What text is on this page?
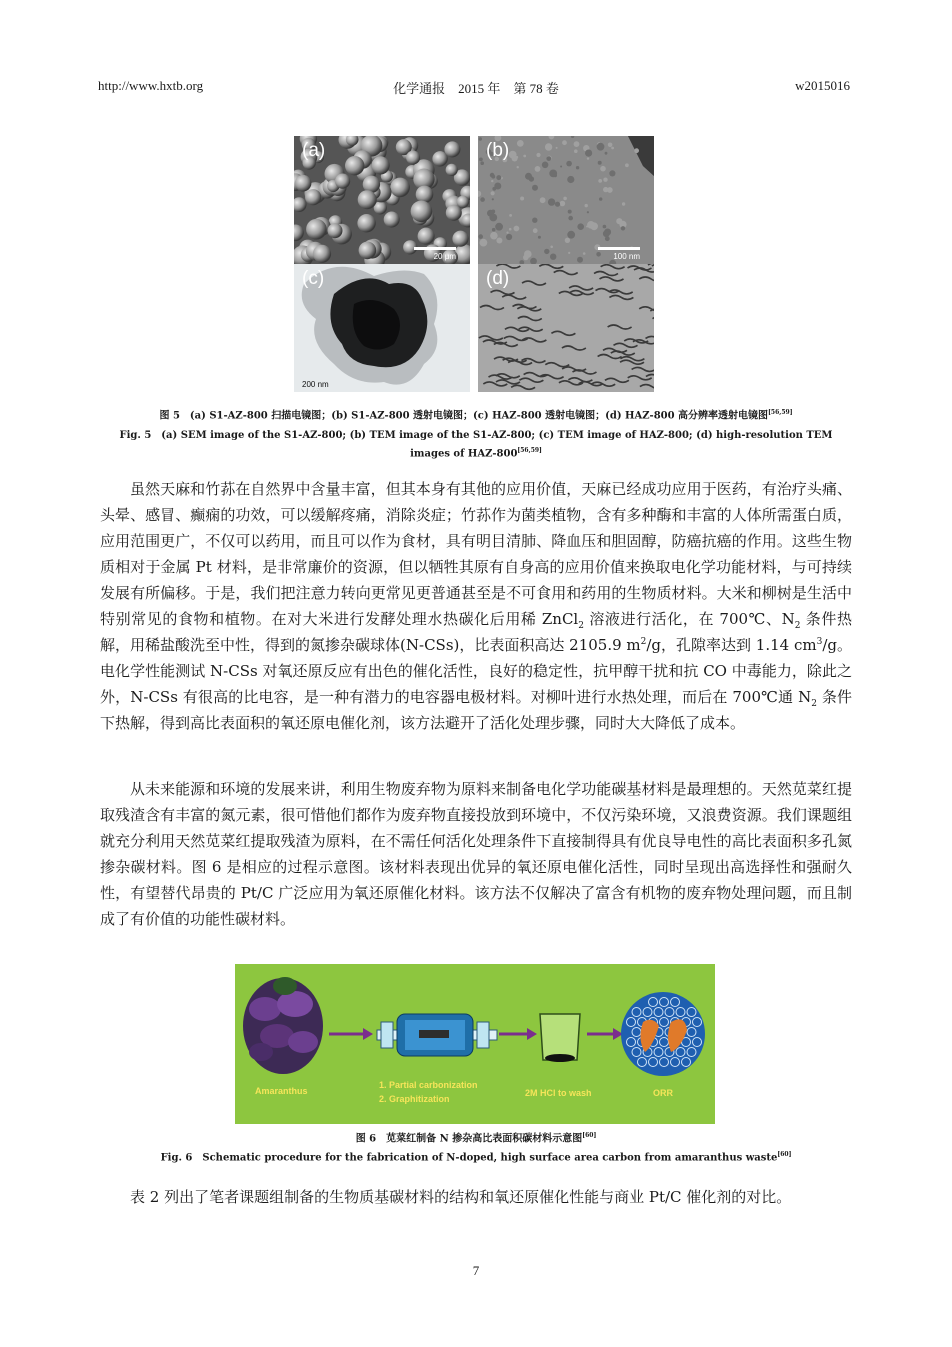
http://www.hxtb.org	化学通报　2015 年　第 78 卷	w2015016
(a)
20 μm
(b)
100 nm
(c)
200 nm
(d)
图 5　(a) S1-AZ-800 扫描电镜图；(b) S1-AZ-800 透射电镜图；(c) HAZ-800 透射电镜图；(d) HAZ-800 高分辨率透射电镜图[56,59]
Fig. 5　(a) SEM image of the S1-AZ-800; (b) TEM image of the S1-AZ-800; (c) TEM image of HAZ-800; (d) high-resolution TEM images of HAZ-800[56,59]

虽然天麻和竹荪在自然界中含量丰富，但其本身有其他的应用价值，天麻已经成功应用于医药，有治疗头痛、头晕、感冒、癫痫的功效，可以缓解疼痛，消除炎症；竹荪作为菌类植物，含有多种酶和丰富的人体所需蛋白质，应用范围更广，不仅可以药用，而且可以作为食材，具有明目清肺、降血压和胆固醇，防癌抗癌的作用。这些生物质相对于金属 Pt 材料，是非常廉价的资源，但以牺牲其原有自身高的应用价值来换取电化学功能材料，与可持续发展有所偏移。于是，我们把注意力转向更常见更普通甚至是不可食用和药用的生物质材料。大米和柳树是生活中特别常见的食物和植物。在对大米进行发酵处理水热碳化后用稀 ZnCl$_2$ 溶液进行活化，在 700℃、$N_2$ 条件热解，用稀盐酸洗至中性，得到的氮掺杂碳球体(N-CSs)，比表面积高达 2105.9 $m^2/g$，孔隙率达到 1.14 $cm^3/g$。电化学性能测试 N-CSs 对氧还原反应有出色的催化活性，良好的稳定性，抗甲醇干扰和抗 CO 中毒能力，除此之外，N-CSs 有很高的比电容，是一种有潜力的电容器电极材料。对柳叶进行水热处理，而后在 700℃通 $N_2$ 条件下热解，得到高比表面积的氧还原电催化剂，该方法避开了活化处理步骤，同时大大降低了成本。

从未来能源和环境的发展来讲，利用生物废弃物为原料来制备电化学功能碳基材料是最理想的。天然苋菜红提取残渣含有丰富的氮元素，很可惜他们都作为废弃物直接投放到环境中，不仅污染环境，又浪费资源。我们课题组就充分利用天然苋菜红提取残渣为原料，在不需任何活化处理条件下直接制得具有优良导电性的高比表面积多孔氮掺杂碳材料。图 6 是相应的过程示意图。该材料表现出优异的氧还原电催化活性，同时呈现出高选择性和强耐久性，有望替代昂贵的 Pt/C 广泛应用为氧还原催化材料。该方法不仅解决了富含有机物的废弃物处理问题，而且制成了有价值的功能性碳材料。

Amaranthus
1. Partial carbonization
2. Graphitization
2M HCl to wash	ORR
图 6　苋菜红制备 N 掺杂高比表面积碳材料示意图[60]
Fig. 6　Schematic procedure for the fabrication of N-doped, high surface area carbon from amaranthus waste[60]

表 2 列出了笔者课题组制备的生物质基碳材料的结构和氧还原催化性能与商业 Pt/C 催化剂的对比。

7
